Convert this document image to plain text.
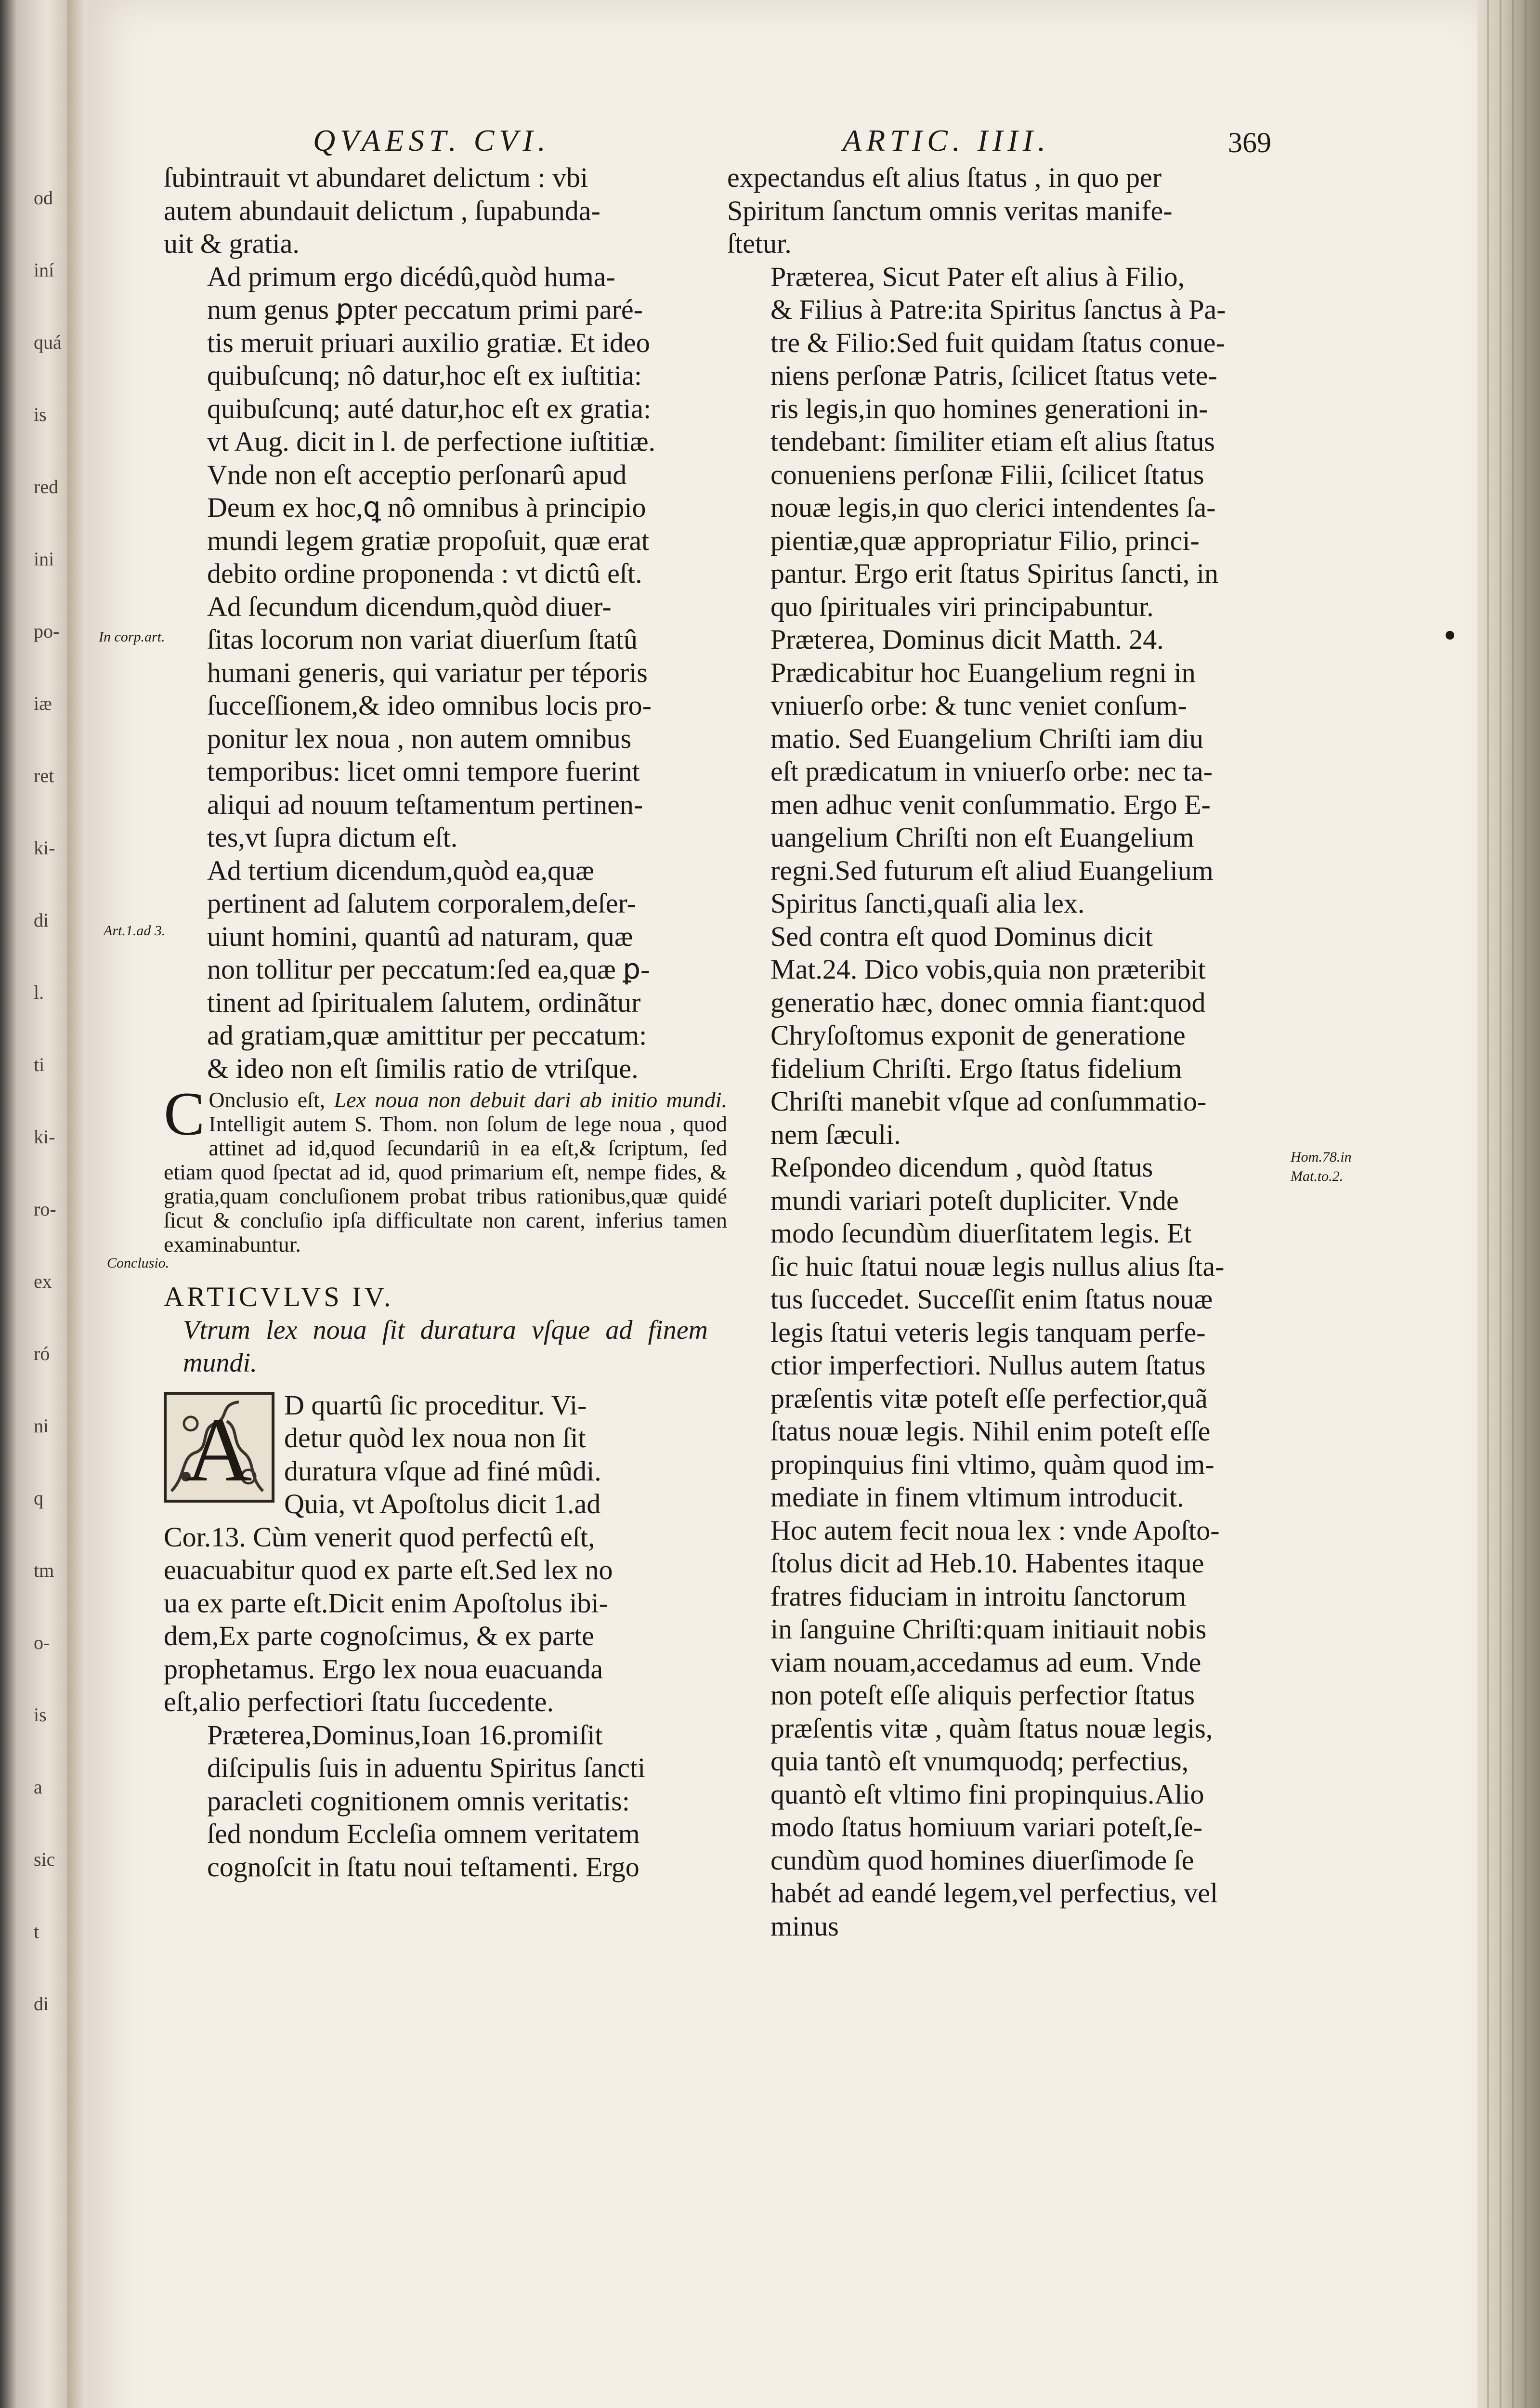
od
iní
quá
is
red
ini
po-
iæ
ret
ki-
di
l.
ti
ki-
ro-
ex
ró
ni
q
tm
o-
is
a
sic
t
di
QVAEST. CVI.	ARTIC. IIII.	369
In corp.art.
Art.1.ad 3.
Conclusio.
Hom.78.in
Mat.to.2.

ſubintrauit vt abundaret delictum : vbi
autem abundauit delictum , ſupabunda-
uit & gratia.

Ad primum ergo dicédû,quòd huma-
num genus ꝑpter peccatum primi paré-
tis meruit priuari auxilio gratiæ. Et ideo
quibuſcunq; nô datur,hoc eſt ex iuſtitia:
quibuſcunq; auté datur,hoc eſt ex gratia:
vt Aug. dicit in l. de perfectione iuſtitiæ.
Vnde non eſt acceptio perſonarû apud
Deum ex hoc,ꝗ nô omnibus à principio
mundi legem gratiæ propoſuit, quæ erat
debito ordine proponenda : vt dictû eſt.

Ad ſecundum dicendum,quòd diuer-
ſitas locorum non variat diuerſum ſtatû
humani generis, qui variatur per téporis
ſucceſſionem,& ideo omnibus locis pro-
ponitur lex noua , non autem omnibus
temporibus: licet omni tempore fuerint
aliqui ad nouum teſtamentum pertinen-
tes,vt ſupra dictum eſt.

Ad tertium dicendum,quòd ea,quæ
pertinent ad ſalutem corporalem,deſer-
uiunt homini, quantû ad naturam, quæ
non tollitur per peccatum:ſed ea,quæ ꝑ-
tinent ad ſpiritualem ſalutem, ordinãtur
ad gratiam,quæ amittitur per peccatum:
& ideo non eſt ſimilis ratio de vtriſque.

C Onclusio eſt, Lex noua non debuit dari ab initio mundi. Intelligit autem S. Thom. non ſolum de lege noua , quod attinet ad id,quod ſecundariû in ea eſt,& ſcriptum, ſed etiam quod ſpectat ad id, quod primarium eſt, nempe fides, & gratia,quam concluſionem probat tribus rationibus,quæ quidé ſicut & concluſio ipſa difficultate non carent, inferius tamen examinabuntur.

ARTICVLVS IV.

Vtrum lex noua ſit duratura vſque ad finem mundi.

A D quartû ſic proceditur. Vi-
detur quòd lex noua non ſit
duratura vſque ad finé mûdi.
Quia, vt Apoſtolus dicit 1.ad
Cor.13. Cùm venerit quod perfectû eſt,
euacuabitur quod ex parte eſt.Sed lex no
ua ex parte eſt.Dicit enim Apoſtolus ibi-
dem,Ex parte cognoſcimus, & ex parte
prophetamus. Ergo lex noua euacuanda
eſt,alio perfectiori ſtatu ſuccedente.

Præterea,Dominus,Ioan 16.promiſit
diſcipulis ſuis in aduentu Spiritus ſancti
paracleti cognitionem omnis veritatis:
ſed nondum Eccleſia omnem veritatem
cognoſcit in ſtatu noui teſtamenti. Ergo

expectandus eſt alius ſtatus , in quo per
Spiritum ſanctum omnis veritas manife-
ſtetur.

Præterea, Sicut Pater eſt alius à Filio,
& Filius à Patre:ita Spiritus ſanctus à Pa-
tre & Filio:Sed fuit quidam ſtatus conue-
niens perſonæ Patris, ſcilicet ſtatus vete-
ris legis,in quo homines generationi in-
tendebant: ſimiliter etiam eſt alius ſtatus
conueniens perſonæ Filii, ſcilicet ſtatus
nouæ legis,in quo clerici intendentes ſa-
pientiæ,quæ appropriatur Filio, princi-
pantur. Ergo erit ſtatus Spiritus ſancti, in
quo ſpirituales viri principabuntur.

Præterea, Dominus dicit Matth. 24.
Prædicabitur hoc Euangelium regni in
vniuerſo orbe: & tunc veniet conſum-
matio. Sed Euangelium Chriſti iam diu
eſt prædicatum in vniuerſo orbe: nec ta-
men adhuc venit conſummatio. Ergo E-
uangelium Chriſti non eſt Euangelium
regni.Sed futurum eſt aliud Euangelium
Spiritus ſancti,quaſi alia lex.

Sed contra eſt quod Dominus dicit
Mat.24. Dico vobis,quia non præteribit
generatio hæc, donec omnia fiant:quod
Chryſoſtomus exponit de generatione
fidelium Chriſti. Ergo ſtatus fidelium
Chriſti manebit vſque ad conſummatio-
nem ſæculi.

Reſpondeo dicendum , quòd ſtatus
mundi variari poteſt dupliciter. Vnde
modo ſecundùm diuerſitatem legis. Et
ſic huic ſtatui nouæ legis nullus alius ſta-
tus ſuccedet. Succeſſit enim ſtatus nouæ
legis ſtatui veteris legis tanquam perfe-
ctior imperfectiori. Nullus autem ſtatus
præſentis vitæ poteſt eſſe perfectior,quã
ſtatus nouæ legis. Nihil enim poteſt eſſe
propinquius fini vltimo, quàm quod im-
mediate in finem vltimum introducit.
Hoc autem fecit noua lex : vnde Apoſto-
ſtolus dicit ad Heb.10. Habentes itaque
fratres fiduciam in introitu ſanctorum
in ſanguine Chriſti:quam initiauit nobis
viam nouam,accedamus ad eum. Vnde
non poteſt eſſe aliquis perfectior ſtatus
præſentis vitæ , quàm ſtatus nouæ legis,
quia tantò eſt vnumquodq; perfectius,
quantò eſt vltimo fini propinquius.Alio
modo ſtatus homiuum variari poteſt,ſe-
cundùm quod homines diuerſimode ſe
habét ad eandé legem,vel perfectius, vel
minus
